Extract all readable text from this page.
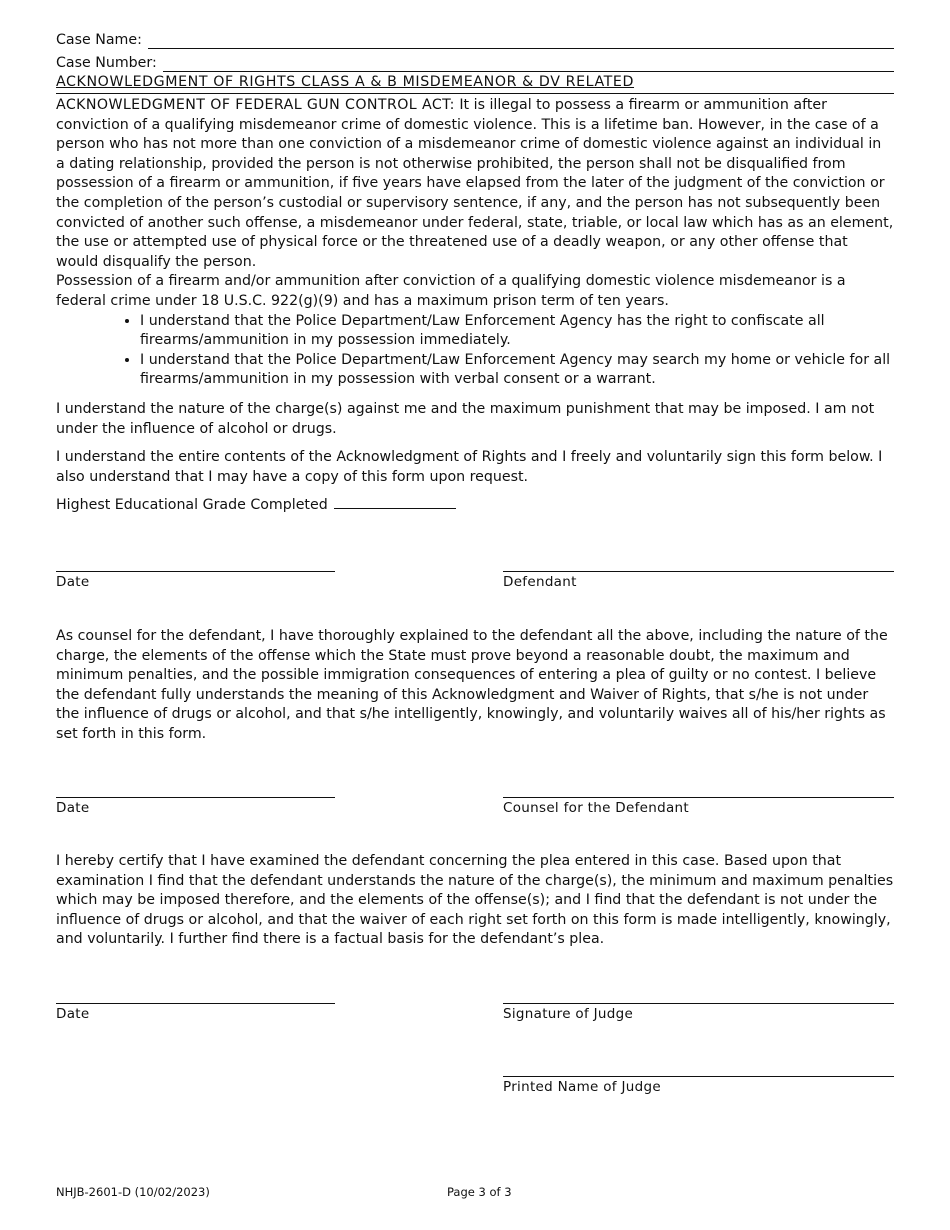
Case Name:
Case Number:
ACKNOWLEDGMENT OF RIGHTS CLASS A & B MISDEMEANOR & DV RELATED

ACKNOWLEDGMENT OF FEDERAL GUN CONTROL ACT: It is illegal to possess a firearm or ammunition after conviction of a qualifying misdemeanor crime of domestic violence. This is a lifetime ban. However, in the case of a person who has not more than one conviction of a misdemeanor crime of domestic violence against an individual in a dating relationship, provided the person is not otherwise prohibited, the person shall not be disqualified from possession of a firearm or ammunition, if five years have elapsed from the later of the judgment of the conviction or the completion of the person’s custodial or supervisory sentence, if any, and the person has not subsequently been convicted of another such offense, a misdemeanor under federal, state, triable, or local law which has as an element, the use or attempted use of physical force or the threatened use of a deadly weapon, or any other offense that would disqualify the person.

Possession of a firearm and/or ammunition after conviction of a qualifying domestic violence misdemeanor is a federal crime under 18 U.S.C. 922(g)(9) and has a maximum prison term of ten years.

• I understand that the Police Department/Law Enforcement Agency has the right to confiscate all firearms/ammunition in my possession immediately.
• I understand that the Police Department/Law Enforcement Agency may search my home or vehicle for all firearms/ammunition in my possession with verbal consent or a warrant.

I understand the nature of the charge(s) against me and the maximum punishment that may be imposed. I am not under the influence of alcohol or drugs.

I understand the entire contents of the Acknowledgment of Rights and I freely and voluntarily sign this form below. I also understand that I may have a copy of this form upon request.

Highest Educational Grade Completed

Date	Defendant

As counsel for the defendant, I have thoroughly explained to the defendant all the above, including the nature of the charge, the elements of the offense which the State must prove beyond a reasonable doubt, the maximum and minimum penalties, and the possible immigration consequences of entering a plea of guilty or no contest. I believe the defendant fully understands the meaning of this Acknowledgment and Waiver of Rights, that s/he is not under the influence of drugs or alcohol, and that s/he intelligently, knowingly, and voluntarily waives all of his/her rights as set forth in this form.

Date	Counsel for the Defendant

I hereby certify that I have examined the defendant concerning the plea entered in this case. Based upon that examination I find that the defendant understands the nature of the charge(s), the minimum and maximum penalties which may be imposed therefore, and the elements of the offense(s); and I find that the defendant is not under the influence of drugs or alcohol, and that the waiver of each right set forth on this form is made intelligently, knowingly, and voluntarily. I further find there is a factual basis for the defendant’s plea.

Date	Signature of Judge
Printed Name of Judge
NHJB-2601-D (10/02/2023)	Page 3 of 3
